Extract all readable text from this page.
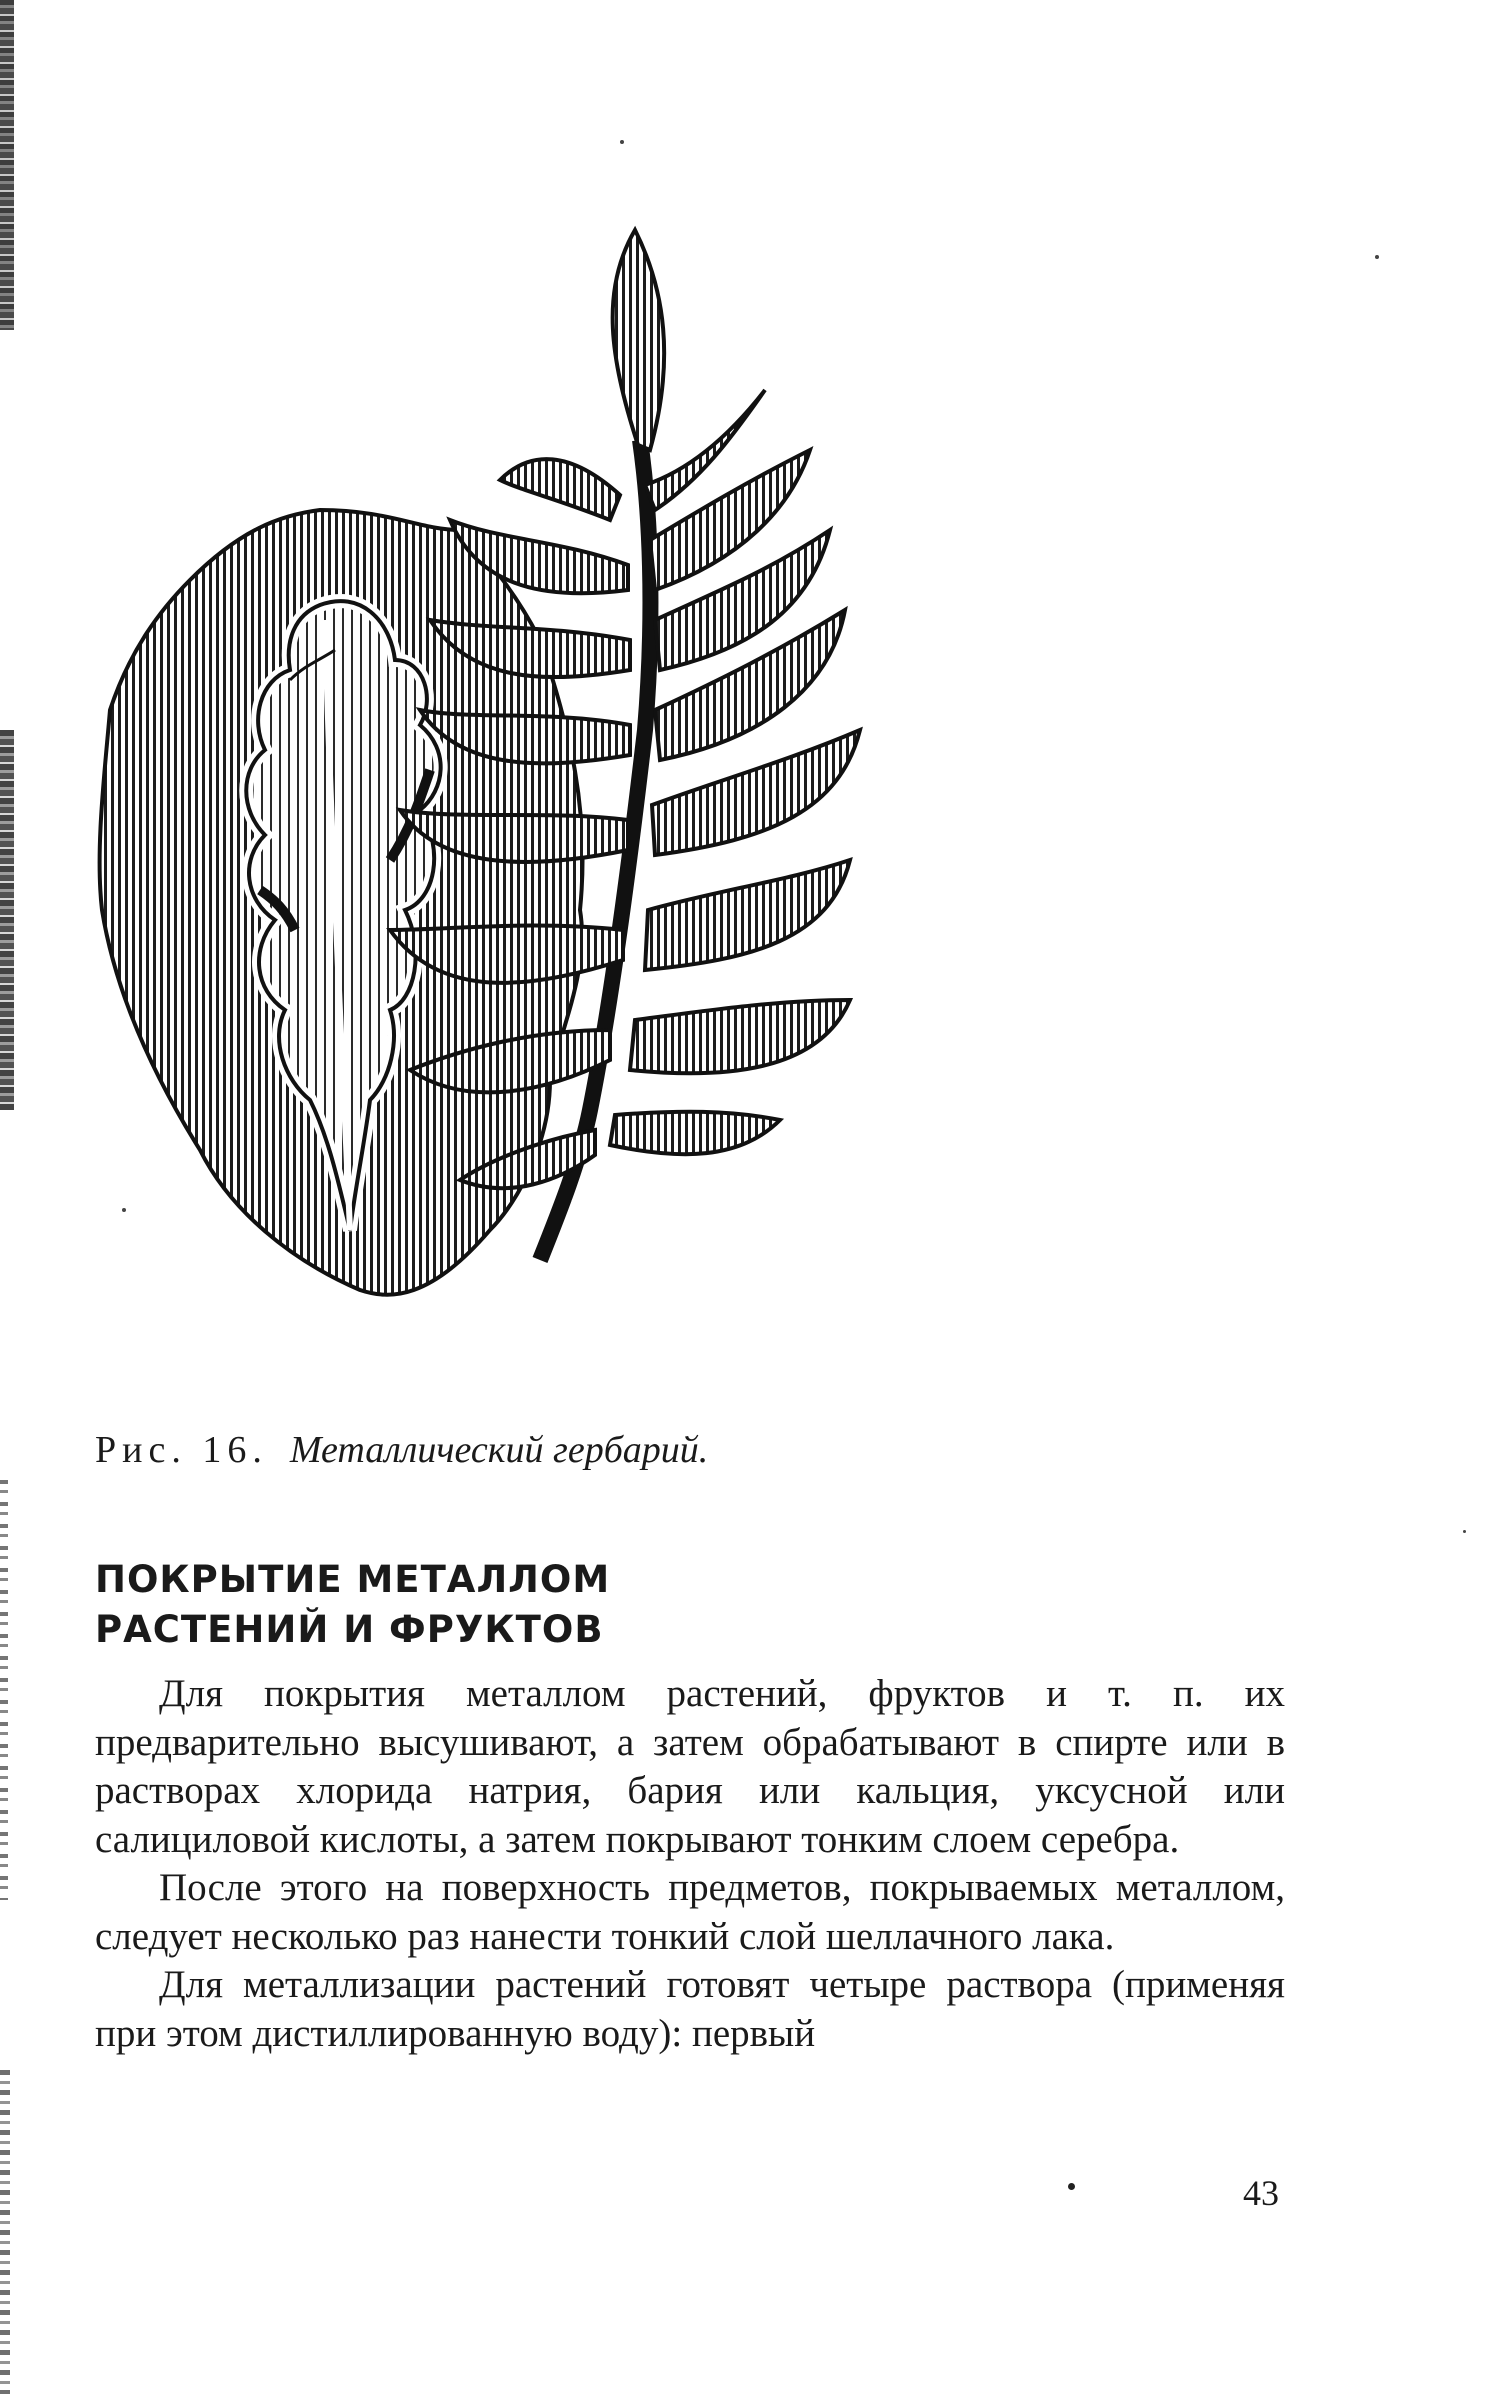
Рис. 16. Металлический гербарий.
ПОКРЫТИЕ МЕТАЛЛОМ
РАСТЕНИЙ И ФРУКТОВ

Для покрытия металлом растений, фруктов и т. п. их предварительно высушивают, а затем обрабатывают в спирте или в растворах хлорида натрия, бария или кальция, уксусной или салициловой кислоты, а затем покрывают тонким слоем серебра.

После этого на поверхность предметов, покрываемых металлом, следует несколько раз нанести тонкий слой шеллачного лака.

Для металлизации растений готовят четыре раствора (применяя при этом дистиллированную воду): первый

43
